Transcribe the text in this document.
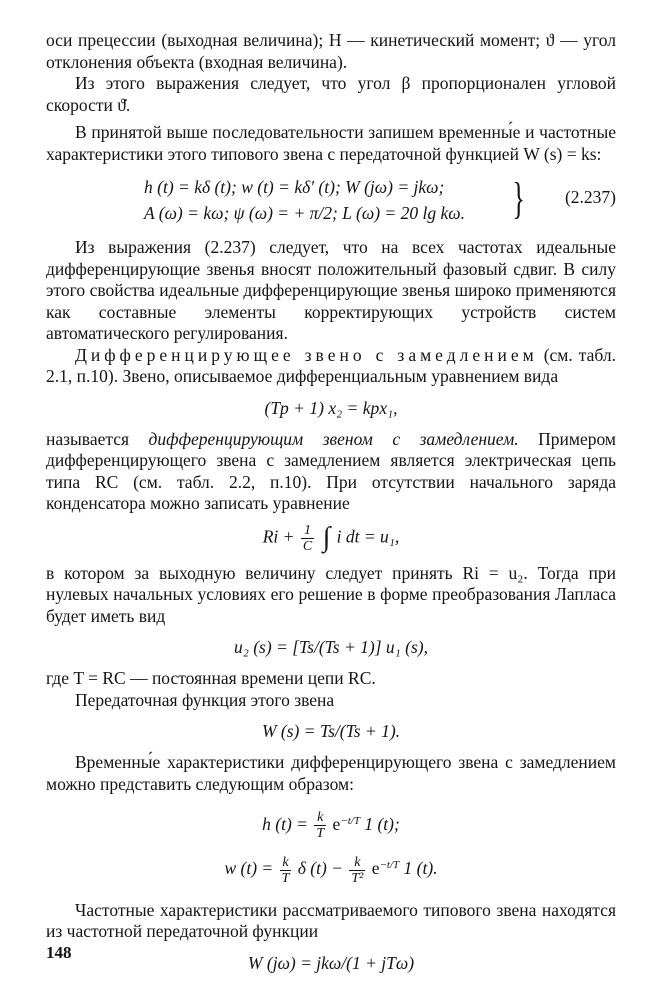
оси прецессии (выходная величина); H — кинетический момент; ϑ — угол отклонения объекта (входная величина).

Из этого выражения следует, что угол β пропорционален угловой скорости ϑ̇.

В принятой выше последовательности запишем временны́е и частотные характеристики этого типового звена с передаточной функцией W (s) = ks:

h (t) = kδ (t); w (t) = kδ′ (t); W (jω) = jkω;
A (ω) = kω; ψ (ω) = + π/2; L (ω) = 20 lg kω. } (2.237)

Из выражения (2.237) следует, что на всех частотах идеальные дифференцирующие звенья вносят положительный фазовый сдвиг. В силу этого свойства идеальные дифференцирующие звенья широко применяются как составные элементы корректирующих устройств систем автоматического регулирования.

Дифференцирующее звено с замедлением (см. табл. 2.1, п.10). Звено, описываемое дифференциальным уравнением вида

(Tp + 1) x₂ = kpx₁,

называется дифференцирующим звеном с замедлением. Примером дифференцирующего звена с замедлением является электрическая цепь типа RC (см. табл. 2.2, п.10). При отсутствии начального заряда конденсатора можно записать уравнение

$Ri + \frac{1}{C}$ ∫ i dt = u₁,

в котором за выходную величину следует принять Ri = u₂. Тогда при нулевых начальных условиях его решение в форме преобразования Лапласа будет иметь вид

u₂ (s) = [Ts/(Ts + 1)] u₁ (s),

где T = RC — постоянная времени цепи RC.

Передаточная функция этого звена

W (s) = Ts/(Ts + 1).

Временны́е характеристики дифференцирующего звена с замедлением можно представить следующим образом:

h $(t) = \frac{k}{T} e^{-t/T}$ 1 (t);
w $(t) = \frac{k}{T}$ δ $(t) - \frac{k}{\text{T²}} e^{-t/T}$ 1 (t).

Частотные характеристики рассматриваемого типового звена находятся из частотной передаточной функции

W (jω) = jkω/(1 + jTω)
148
